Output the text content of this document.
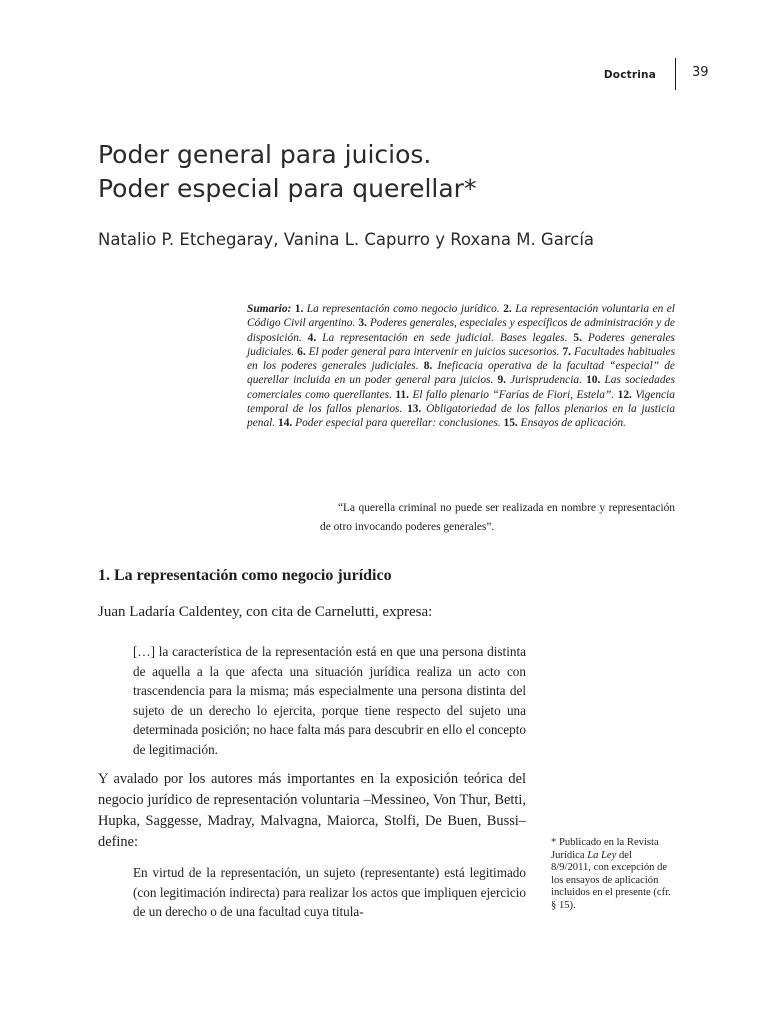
Doctrina	39
Poder general para juicios.
Poder especial para querellar*

Natalio P. Etchegaray, Vanina L. Capurro y Roxana M. García

Sumario: 1. La representación como negocio jurídico. 2. La representación voluntaria en el Código Civil argentino. 3. Poderes generales, especiales y específicos de administración y de disposición. 4. La representación en sede judicial. Bases legales. 5. Poderes generales judiciales. 6. El poder general para intervenir en juicios sucesorios. 7. Facultades habituales en los poderes generales judiciales. 8. Ineficacia operativa de la facultad “especial” de querellar incluida en un poder general para juicios. 9. Jurisprudencia. 10. Las sociedades comerciales como querellantes. 11. El fallo plenario “Farías de Fiori, Estela”. 12. Vigencia temporal de los fallos plenarios. 13. Obligatoriedad de los fallos plenarios en la justicia penal. 14. Poder especial para querellar: conclusiones. 15. Ensayos de aplicación.

“La querella criminal no puede ser realizada en nombre y representación de otro invocando poderes generales”.

1. La representación como negocio jurídico

Juan Ladaría Caldentey, con cita de Carnelutti, expresa:

[…] la característica de la representación está en que una persona distinta de aquella a la que afecta una situación jurídica realiza un acto con trascendencia para la misma; más especialmente una persona distinta del sujeto de un derecho lo ejercita, porque tiene respecto del sujeto una determinada posición; no hace falta más para descubrir en ello el concepto de legitimación.

Y avalado por los autores más importantes en la exposición teórica del negocio jurídico de representación voluntaria –Messineo, Von Thur, Betti, Hupka, Saggesse, Madray, Malvagna, Maiorca, Stolfi, De Buen, Bussi– define:

En virtud de la representación, un sujeto (representante) está legitimado (con legitimación indirecta) para realizar los actos que impliquen ejercicio de un derecho o de una facultad cuya titula-

* Publicado en la Revista Jurídica La Ley del 8/9/2011, con excepción de los ensayos de aplicación incluidos en el presente (cfr. § 15).
